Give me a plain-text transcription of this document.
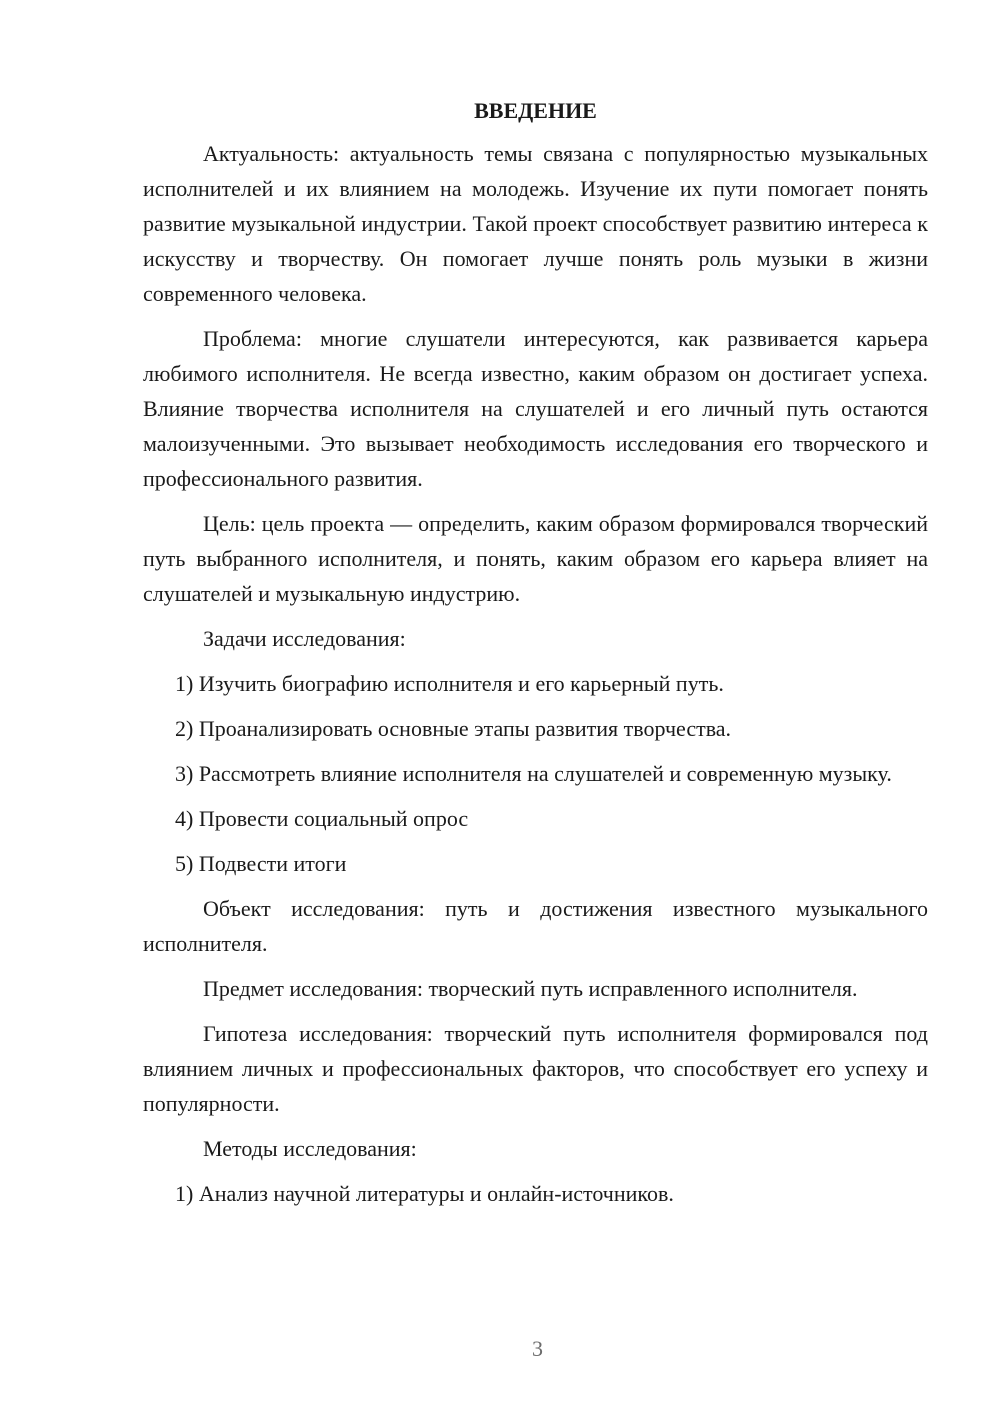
ВВЕДЕНИЕ

Актуальность: актуальность темы связана с популярностью музыкальных исполнителей и их влиянием на молодежь. Изучение их пути помогает понять развитие музыкальной индустрии. Такой проект способствует развитию интереса к искусству и творчеству. Он помогает лучше понять роль музыки в жизни современного человека.

Проблема: многие слушатели интересуются, как развивается карьера любимого исполнителя. Не всегда известно, каким образом он достигает успеха. Влияние творчества исполнителя на слушателей и его личный путь остаются малоизученными. Это вызывает необходимость исследования его творческого и профессионального развития.

Цель: цель проекта — определить, каким образом формировался творческий путь выбранного исполнителя, и понять, каким образом его карьера влияет на слушателей и музыкальную индустрию.

Задачи исследования:

1) Изучить биографию исполнителя и его карьерный путь.

2) Проанализировать основные этапы развития творчества.

3) Рассмотреть влияние исполнителя на слушателей и современную музыку.

4) Провести социальный опрос

5) Подвести итоги

Объект исследования: путь и достижения известного музыкального исполнителя.

Предмет исследования: творческий путь исправленного исполнителя.

Гипотеза исследования: творческий путь исполнителя формировался под влиянием личных и профессиональных факторов, что способствует его успеху и популярности.

Методы исследования:

1) Анализ научной литературы и онлайн-источников.

3
